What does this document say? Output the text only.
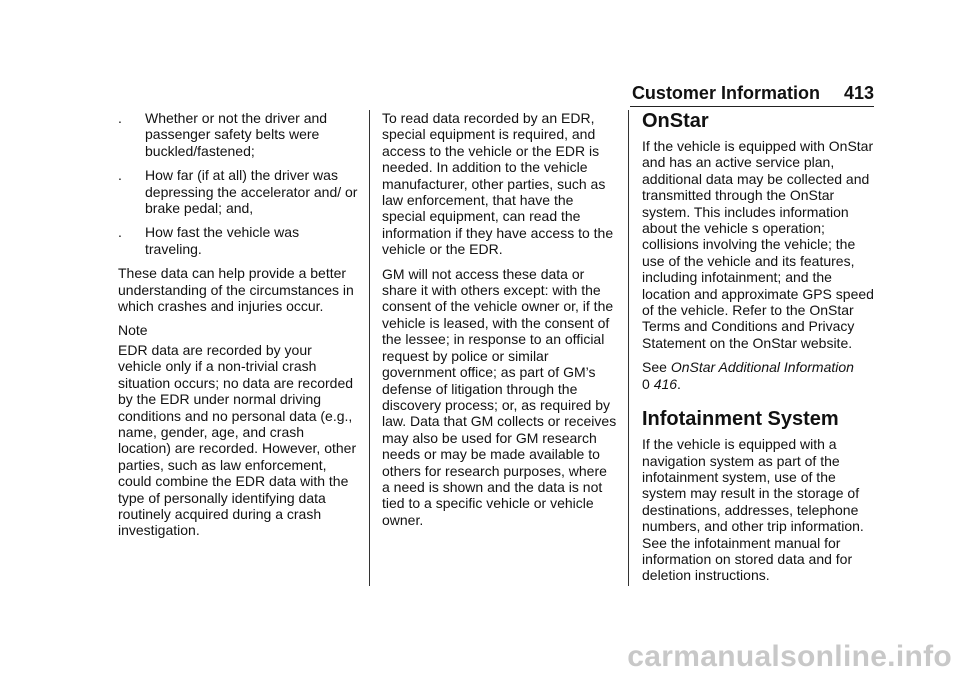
Customer Information 413
.	Whether or not the driver and passenger safety belts were buckled/fastened;
.	How far (if at all) the driver was depressing the accelerator and/ or brake pedal; and,
.	How fast the vehicle was traveling.

These data can help provide a better understanding of the circumstances in which crashes and injuries occur.

Note

EDR data are recorded by your vehicle only if a non-trivial crash situation occurs; no data are recorded by the EDR under normal driving conditions and no personal data (e.g., name, gender, age, and crash location) are recorded. However, other parties, such as law enforcement, could combine the EDR data with the type of personally identifying data routinely acquired during a crash investigation.

To read data recorded by an EDR, special equipment is required, and access to the vehicle or the EDR is needed. In addition to the vehicle manufacturer, other parties, such as law enforcement, that have the special equipment, can read the information if they have access to the vehicle or the EDR.

GM will not access these data or share it with others except: with the consent of the vehicle owner or, if the vehicle is leased, with the consent of the lessee; in response to an official request by police or similar government office; as part of GM’s defense of litigation through the discovery process; or, as required by law. Data that GM collects or receives may also be used for GM research needs or may be made available to others for research purposes, where a need is shown and the data is not tied to a specific vehicle or vehicle owner.

OnStar

If the vehicle is equipped with OnStar and has an active service plan, additional data may be collected and transmitted through the OnStar system. This includes information about the vehicle s operation; collisions involving the vehicle; the use of the vehicle and its features, including infotainment; and the location and approximate GPS speed of the vehicle. Refer to the OnStar Terms and Conditions and Privacy Statement on the OnStar website.

See OnStar Additional Information
0 416.

Infotainment System

If the vehicle is equipped with a navigation system as part of the infotainment system, use of the system may result in the storage of destinations, addresses, telephone numbers, and other trip information. See the infotainment manual for information on stored data and for deletion instructions.

carmanualsonline.info
